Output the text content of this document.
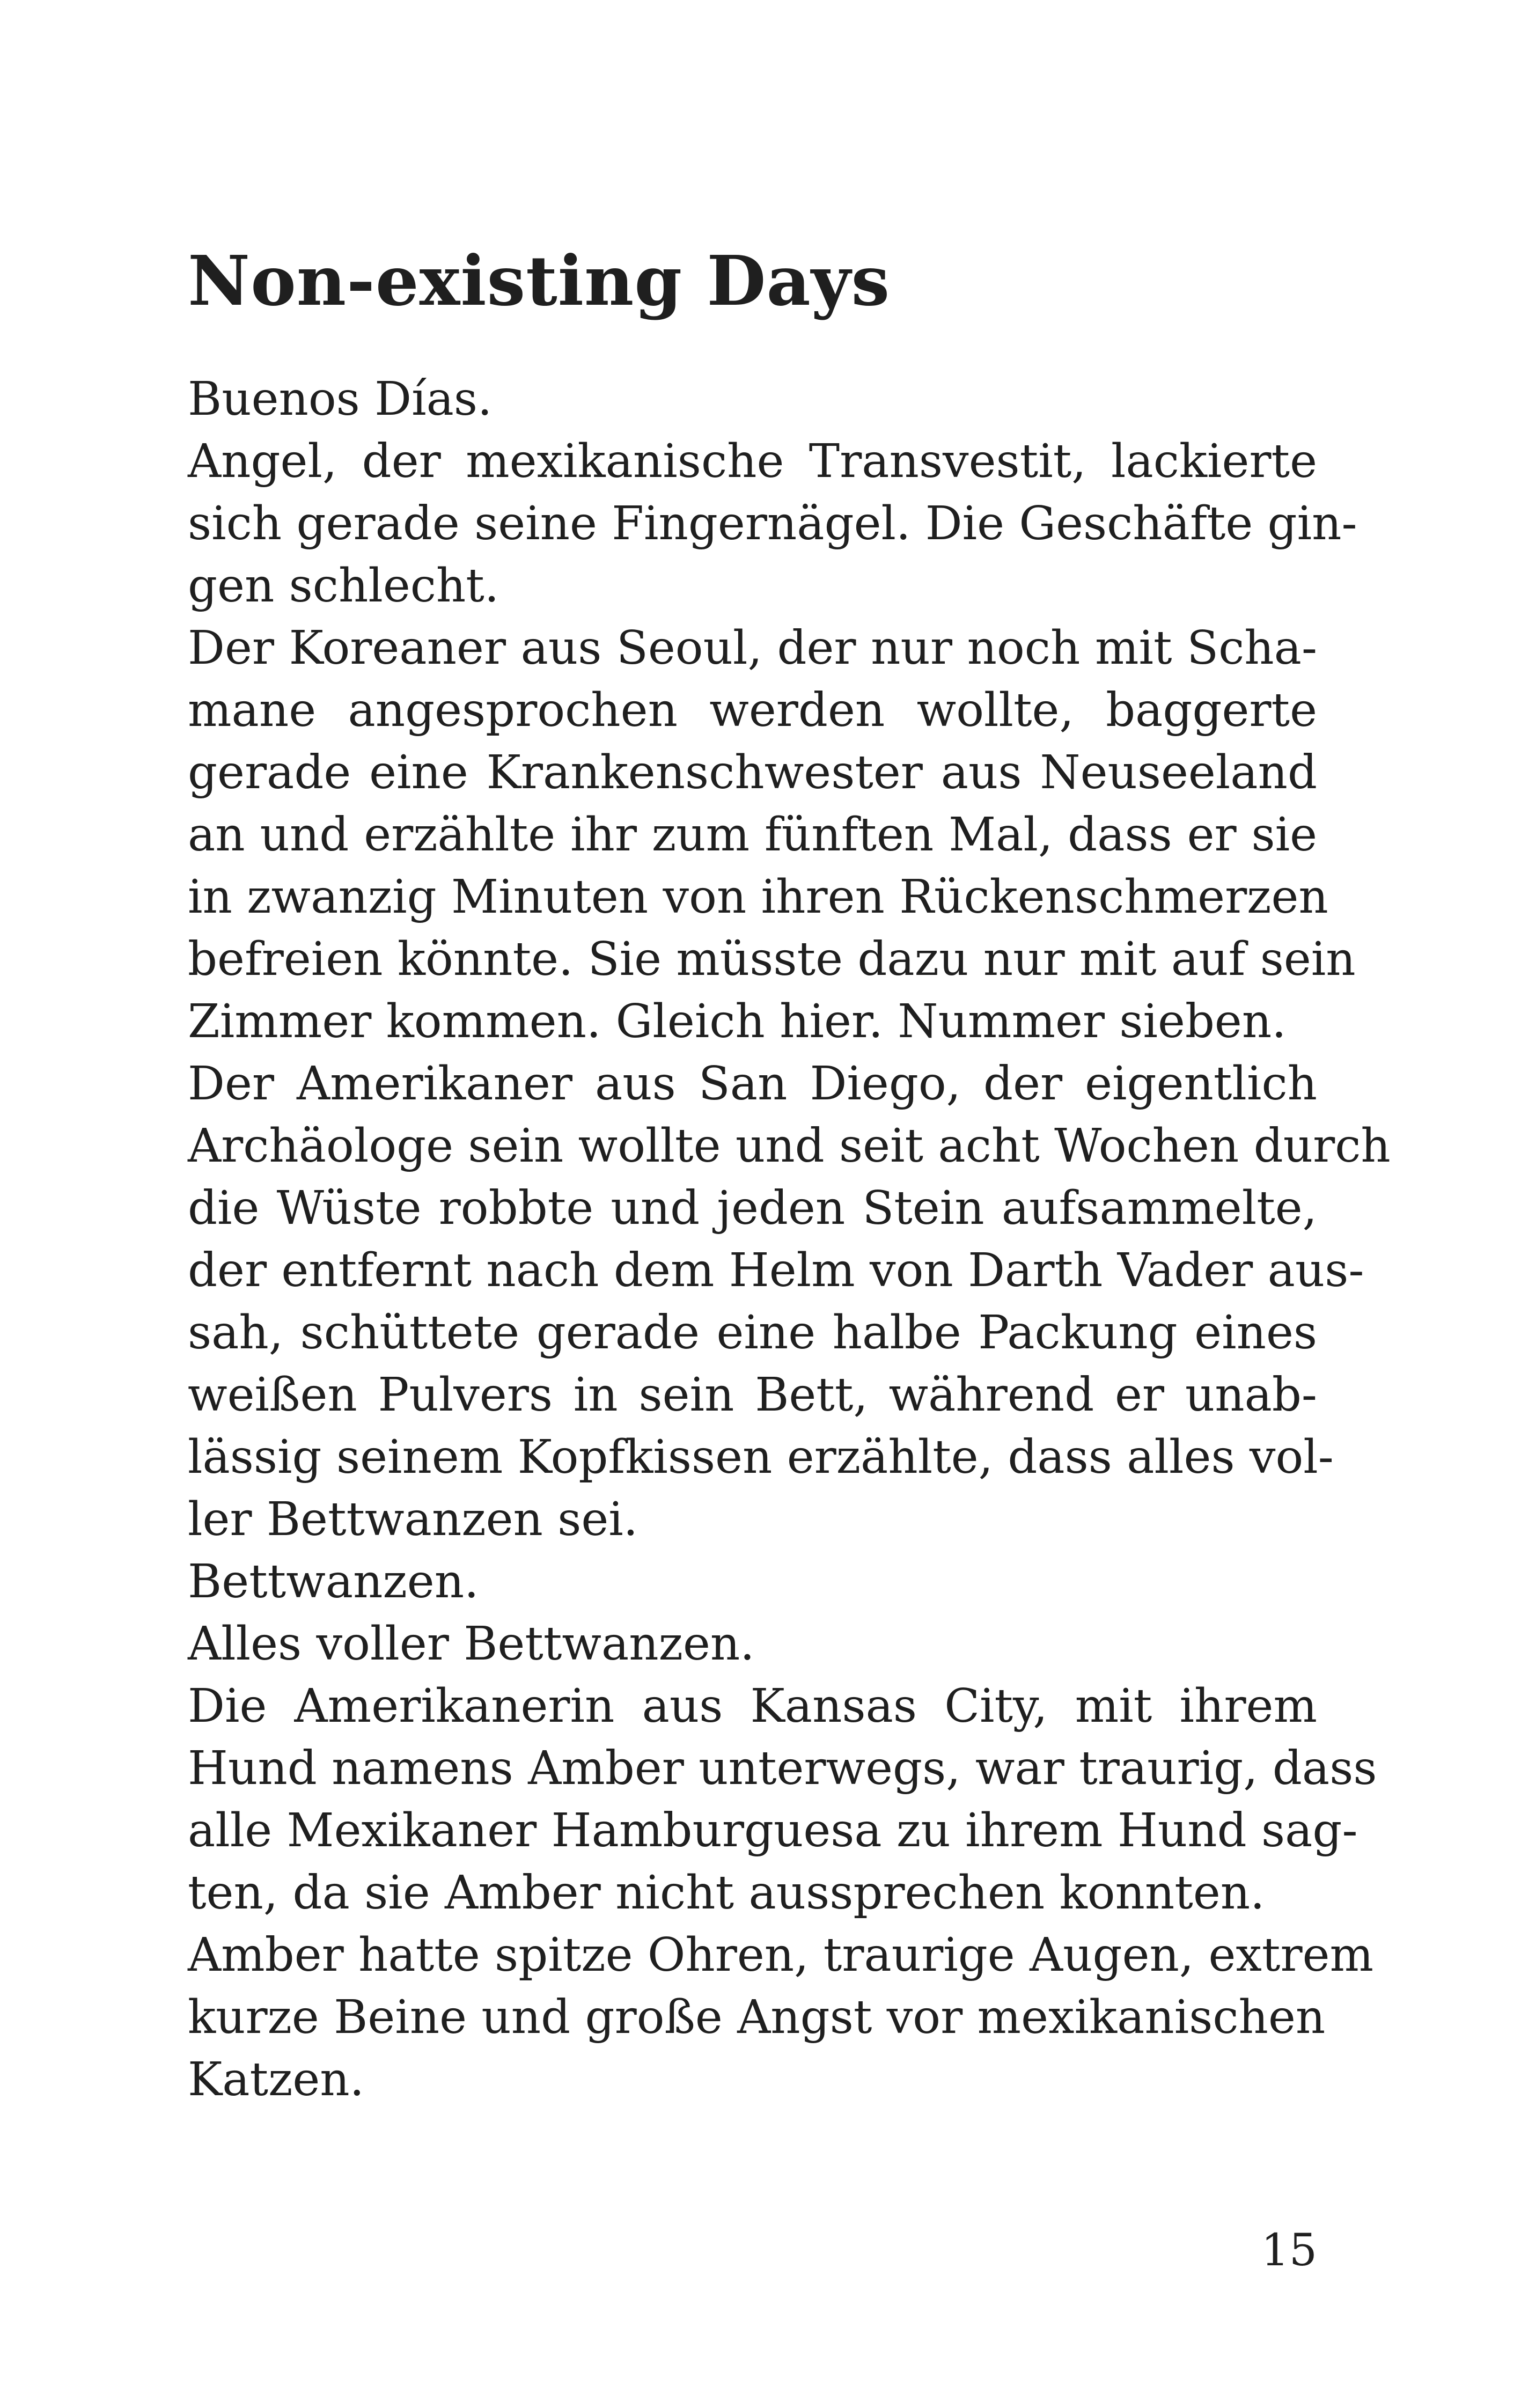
Non-existing Days
Buenos Días.
Angel, der mexikanische Transvestit, lackierte
sich gerade seine Fingernägel. Die Geschäfte gin-
gen schlecht.
Der Koreaner aus Seoul, der nur noch mit Scha-
mane angesprochen werden wollte, baggerte
gerade eine Krankenschwester aus Neuseeland
an und erzählte ihr zum fünften Mal, dass er sie
in zwanzig Minuten von ihren Rückenschmerzen
befreien könnte. Sie müsste dazu nur mit auf sein
Zimmer kommen. Gleich hier. Nummer sieben.
Der Amerikaner aus San Diego, der eigentlich
Archäologe sein wollte und seit acht Wochen durch
die Wüste robbte und jeden Stein aufsammelte,
der entfernt nach dem Helm von Darth Vader aus-
sah, schüttete gerade eine halbe Packung eines
weißen Pulvers in sein Bett, während er unab-
lässig seinem Kopfkissen erzählte, dass alles vol-
ler Bettwanzen sei.
Bettwanzen.
Alles voller Bettwanzen.
Die Amerikanerin aus Kansas City, mit ihrem
Hund namens Amber unterwegs, war traurig, dass
alle Mexikaner Hamburguesa zu ihrem Hund sag-
ten, da sie Amber nicht aussprechen konnten.
Amber hatte spitze Ohren, traurige Augen, extrem
kurze Beine und große Angst vor mexikanischen
Katzen.

15
